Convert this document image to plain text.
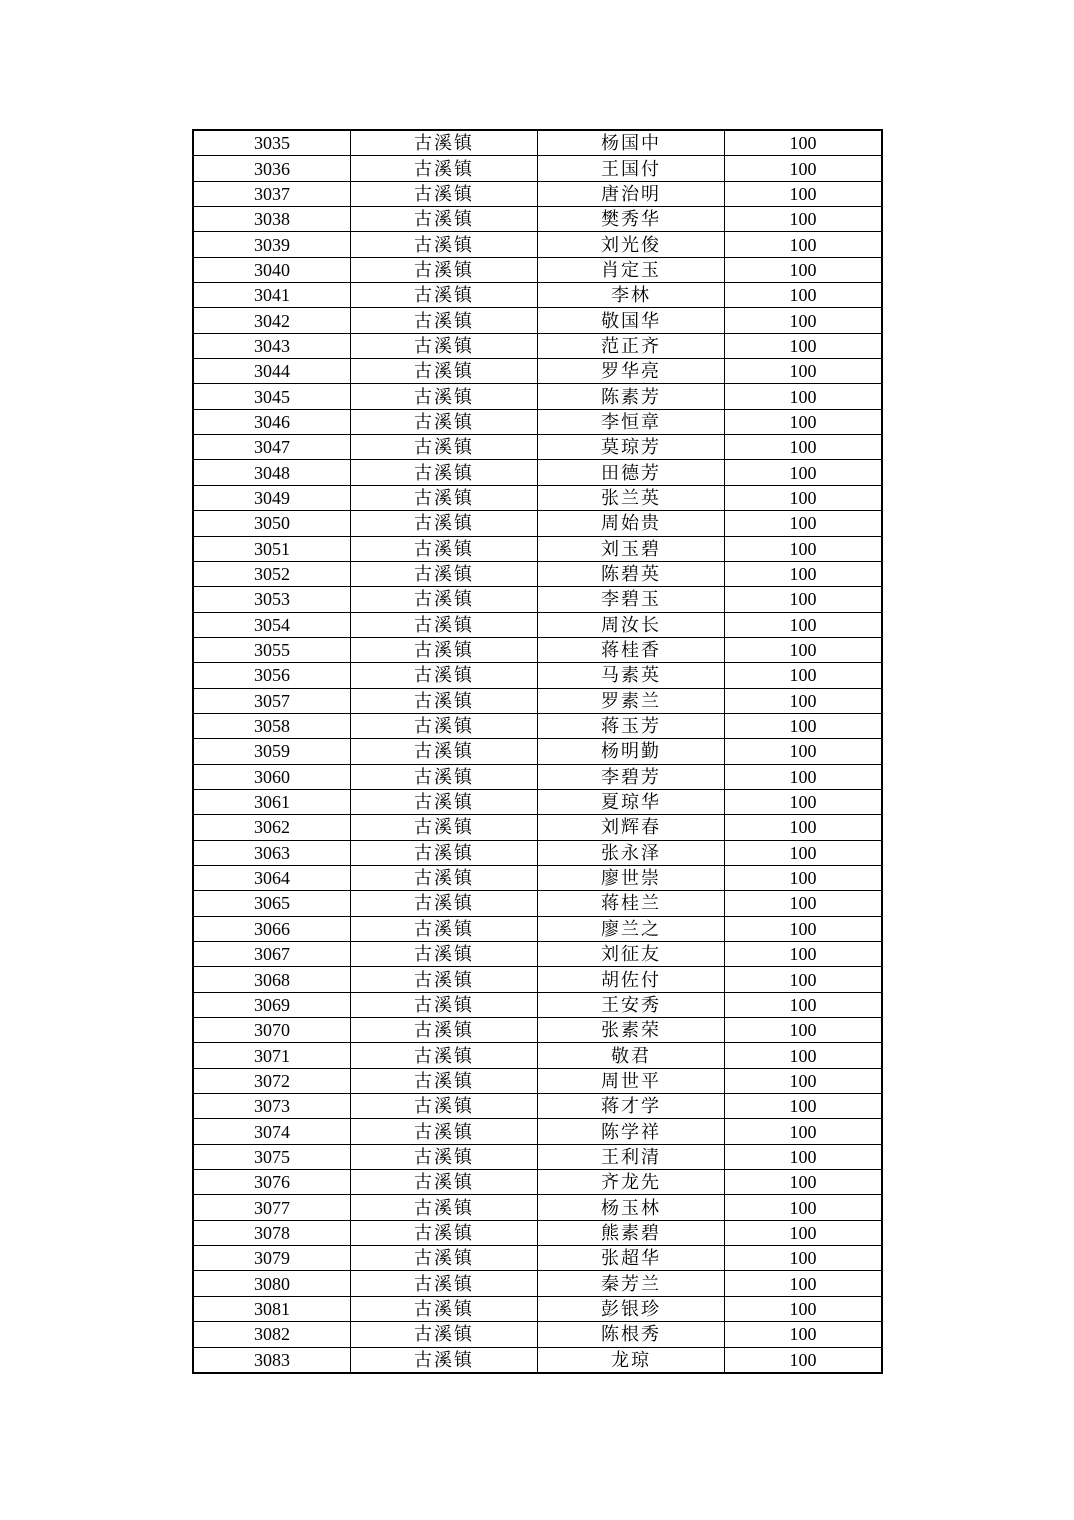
3035	古溪镇	杨国中	100
3036	古溪镇	王国付	100
3037	古溪镇	唐治明	100
3038	古溪镇	樊秀华	100
3039	古溪镇	刘光俊	100
3040	古溪镇	肖定玉	100
3041	古溪镇	李林	100
3042	古溪镇	敬国华	100
3043	古溪镇	范正齐	100
3044	古溪镇	罗华亮	100
3045	古溪镇	陈素芳	100
3046	古溪镇	李恒章	100
3047	古溪镇	莫琼芳	100
3048	古溪镇	田德芳	100
3049	古溪镇	张兰英	100
3050	古溪镇	周始贵	100
3051	古溪镇	刘玉碧	100
3052	古溪镇	陈碧英	100
3053	古溪镇	李碧玉	100
3054	古溪镇	周汝长	100
3055	古溪镇	蒋桂香	100
3056	古溪镇	马素英	100
3057	古溪镇	罗素兰	100
3058	古溪镇	蒋玉芳	100
3059	古溪镇	杨明勤	100
3060	古溪镇	李碧芳	100
3061	古溪镇	夏琼华	100
3062	古溪镇	刘辉春	100
3063	古溪镇	张永泽	100
3064	古溪镇	廖世崇	100
3065	古溪镇	蒋桂兰	100
3066	古溪镇	廖兰之	100
3067	古溪镇	刘征友	100
3068	古溪镇	胡佐付	100
3069	古溪镇	王安秀	100
3070	古溪镇	张素荣	100
3071	古溪镇	敬君	100
3072	古溪镇	周世平	100
3073	古溪镇	蒋才学	100
3074	古溪镇	陈学祥	100
3075	古溪镇	王利清	100
3076	古溪镇	齐龙先	100
3077	古溪镇	杨玉林	100
3078	古溪镇	熊素碧	100
3079	古溪镇	张超华	100
3080	古溪镇	秦芳兰	100
3081	古溪镇	彭银珍	100
3082	古溪镇	陈根秀	100
3083	古溪镇	龙琼	100
